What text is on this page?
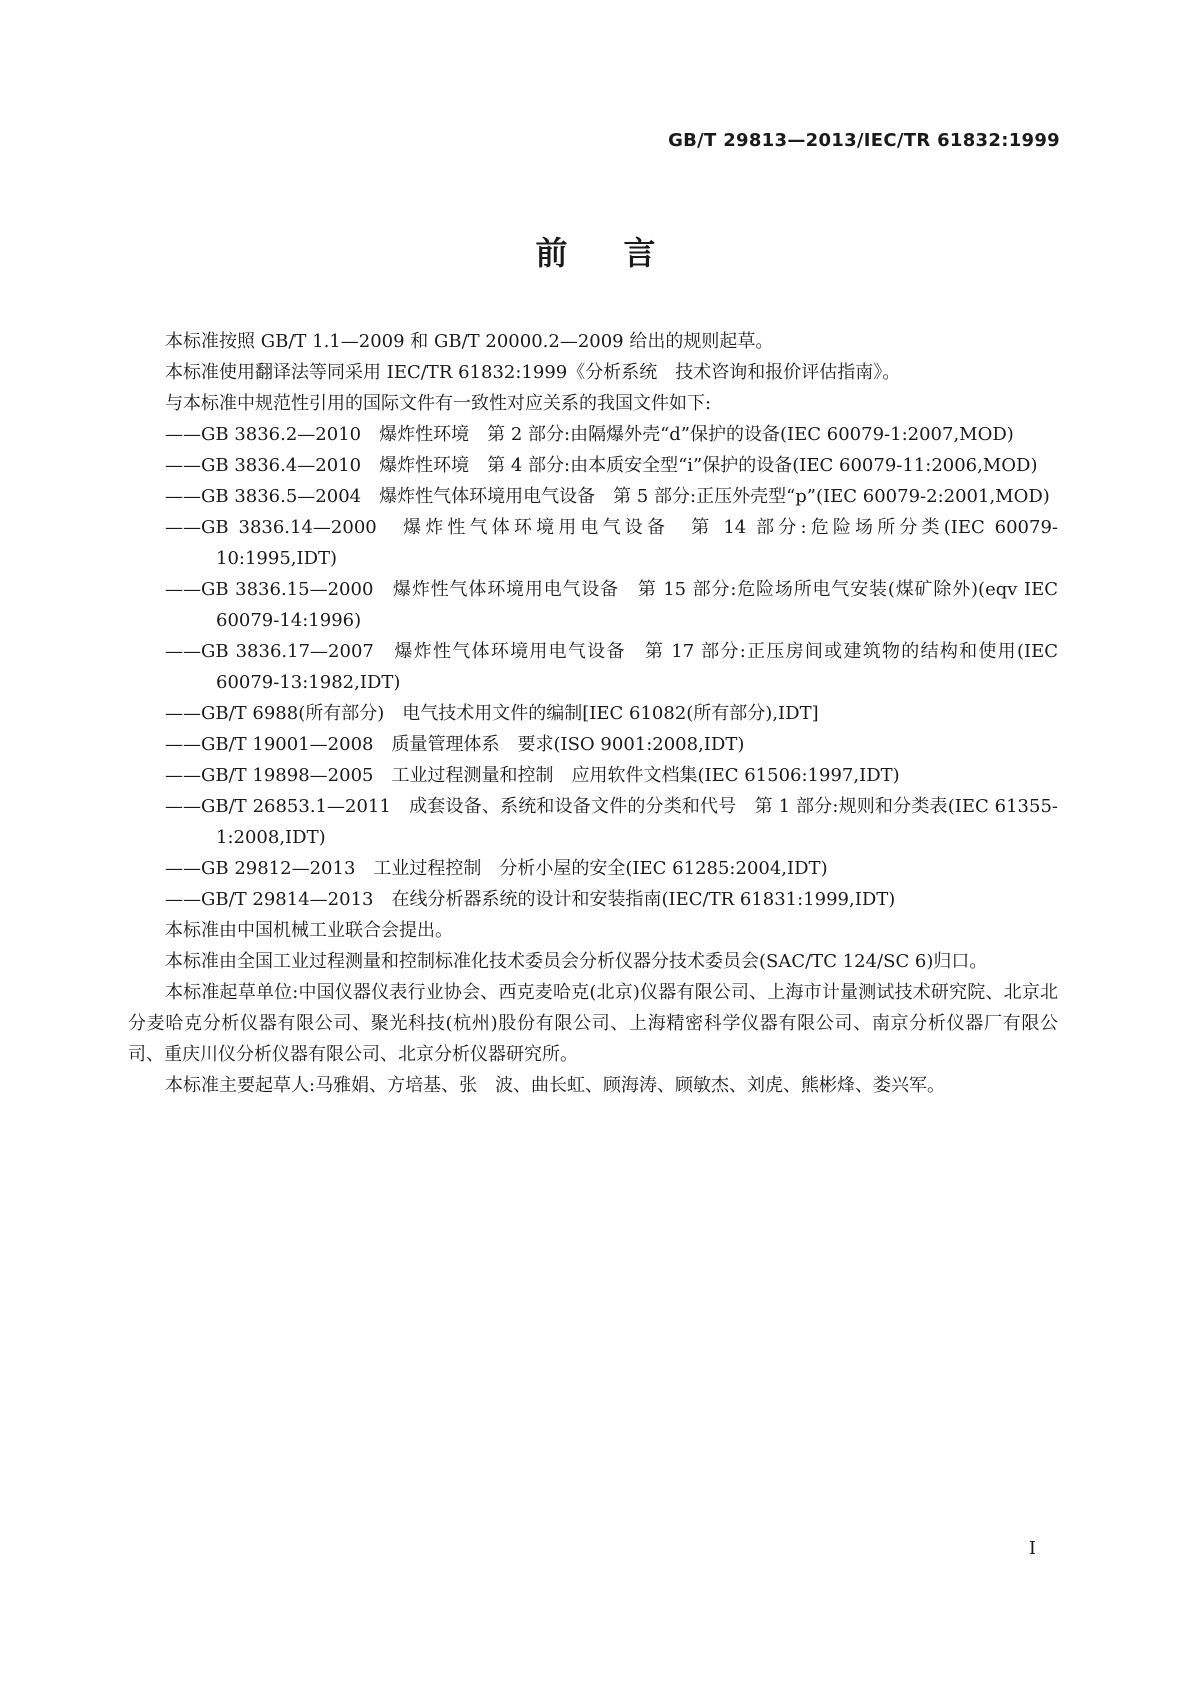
GB/T 29813—2013/IEC/TR 61832:1999
前言

本标准按照 GB/T 1.1—2009 和 GB/T 20000.2—2009 给出的规则起草。

本标准使用翻译法等同采用 IEC/TR 61832:1999《分析系统　技术咨询和报价评估指南》。

与本标准中规范性引用的国际文件有一致性对应关系的我国文件如下:

——GB 3836.2—2010　爆炸性环境　第 2 部分:由隔爆外壳“d”保护的设备(IEC 60079-1:2007,MOD)

——GB 3836.4—2010　爆炸性环境　第 4 部分:由本质安全型“i”保护的设备(IEC 60079-11:2006,MOD)

——GB 3836.5—2004　爆炸性气体环境用电气设备　第 5 部分:正压外壳型“p”(IEC 60079-2:2001,MOD)

——GB 3836.14—2000　爆炸性气体环境用电气设备　第 14 部分:危险场所分类(IEC 60079-10:1995,IDT)

——GB 3836.15—2000　爆炸性气体环境用电气设备　第 15 部分:危险场所电气安装(煤矿除外)(eqv IEC 60079-14:1996)

——GB 3836.17—2007　爆炸性气体环境用电气设备　第 17 部分:正压房间或建筑物的结构和使用(IEC 60079-13:1982,IDT)

——GB/T 6988(所有部分)　电气技术用文件的编制[IEC 61082(所有部分),IDT]

——GB/T 19001—2008　质量管理体系　要求(ISO 9001:2008,IDT)

——GB/T 19898—2005　工业过程测量和控制　应用软件文档集(IEC 61506:1997,IDT)

——GB/T 26853.1—2011　成套设备、系统和设备文件的分类和代号　第 1 部分:规则和分类表(IEC 61355-1:2008,IDT)

——GB 29812—2013　工业过程控制　分析小屋的安全(IEC 61285:2004,IDT)

——GB/T 29814—2013　在线分析器系统的设计和安装指南(IEC/TR 61831:1999,IDT)

本标准由中国机械工业联合会提出。

本标准由全国工业过程测量和控制标准化技术委员会分析仪器分技术委员会(SAC/TC 124/SC 6)归口。

本标准起草单位:中国仪器仪表行业协会、西克麦哈克(北京)仪器有限公司、上海市计量测试技术研究院、北京北分麦哈克分析仪器有限公司、聚光科技(杭州)股份有限公司、上海精密科学仪器有限公司、南京分析仪器厂有限公司、重庆川仪分析仪器有限公司、北京分析仪器研究所。

本标准主要起草人:马雅娟、方培基、张　波、曲长虹、顾海涛、顾敏杰、刘虎、熊彬烽、娄兴军。

I
